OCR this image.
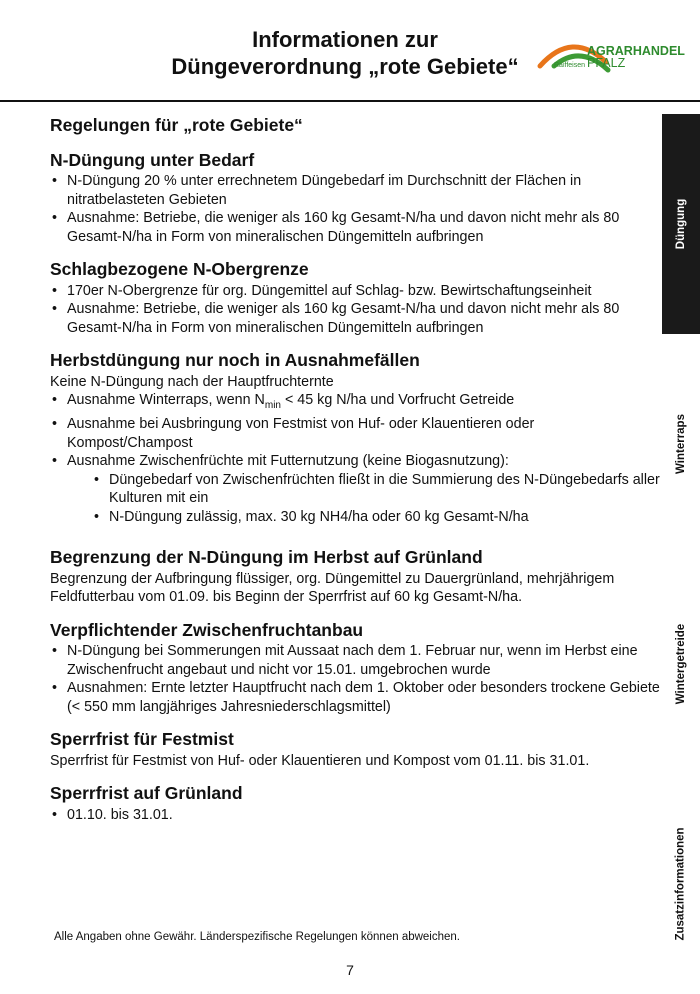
Informationen zur
Düngeverordnung „rote Gebiete“
AGRARHANDEL
Raiffeisen PFALZ
Regelungen für „rote Gebiete“
N-Düngung unter Bedarf
• N-Düngung 20 % unter errechnetem Düngebedarf im Durchschnitt der Flächen in nitratbelasteten Gebieten
• Ausnahme: Betriebe, die weniger als 160 kg Gesamt-N/ha und davon nicht mehr als 80 Gesamt-N/ha in Form von mineralischen Düngemitteln aufbringen
Schlagbezogene N-Obergrenze
• 170er N-Obergrenze für org. Düngemittel auf Schlag- bzw. Bewirtschaftungseinheit
• Ausnahme: Betriebe, die weniger als 160 kg Gesamt-N/ha und davon nicht mehr als 80 Gesamt-N/ha in Form von mineralischen Düngemitteln aufbringen
Herbstdüngung nur noch in Ausnahmefällen
Keine N-Düngung nach der Hauptfruchternte
• Ausnahme Winterraps, wenn $N_{min} < 45$ kg N/ha und Vorfrucht Getreide
• Ausnahme bei Ausbringung von Festmist von Huf- oder Klauentieren oder Kompost/Champost
• Ausnahme Zwischenfrüchte mit Futternutzung (keine Biogasnutzung):
• Düngebedarf von Zwischenfrüchten fließt in die Summierung des N-Düngebedarfs aller Kulturen mit ein
• N-Düngung zulässig, max. 30 kg NH4/ha oder 60 kg Gesamt-N/ha
Begrenzung der N-Düngung im Herbst auf Grünland
Begrenzung der Aufbringung flüssiger, org. Düngemittel zu Dauergrünland, mehrjährigem Feldfutterbau vom 01.09. bis Beginn der Sperrfrist auf 60 kg Gesamt-N/ha.
Verpflichtender Zwischenfruchtanbau
• N-Düngung bei Sommerungen mit Aussaat nach dem 1. Februar nur, wenn im Herbst eine Zwischenfrucht angebaut und nicht vor 15.01. umgebrochen wurde
• Ausnahmen: Ernte letzter Hauptfrucht nach dem 1. Oktober oder besonders trockene Gebiete (< 550 mm langjähriges Jahresniederschlagsmittel)
Sperrfrist für Festmist
Sperrfrist für Festmist von Huf- oder Klauentieren und Kompost vom 01.11. bis 31.01.
Sperrfrist auf Grünland
• 01.10. bis 31.01.
Düngung
Winterraps
Wintergetreide
Zusatzinformationen
Alle Angaben ohne Gewähr. Länderspezifische Regelungen können abweichen.
7
